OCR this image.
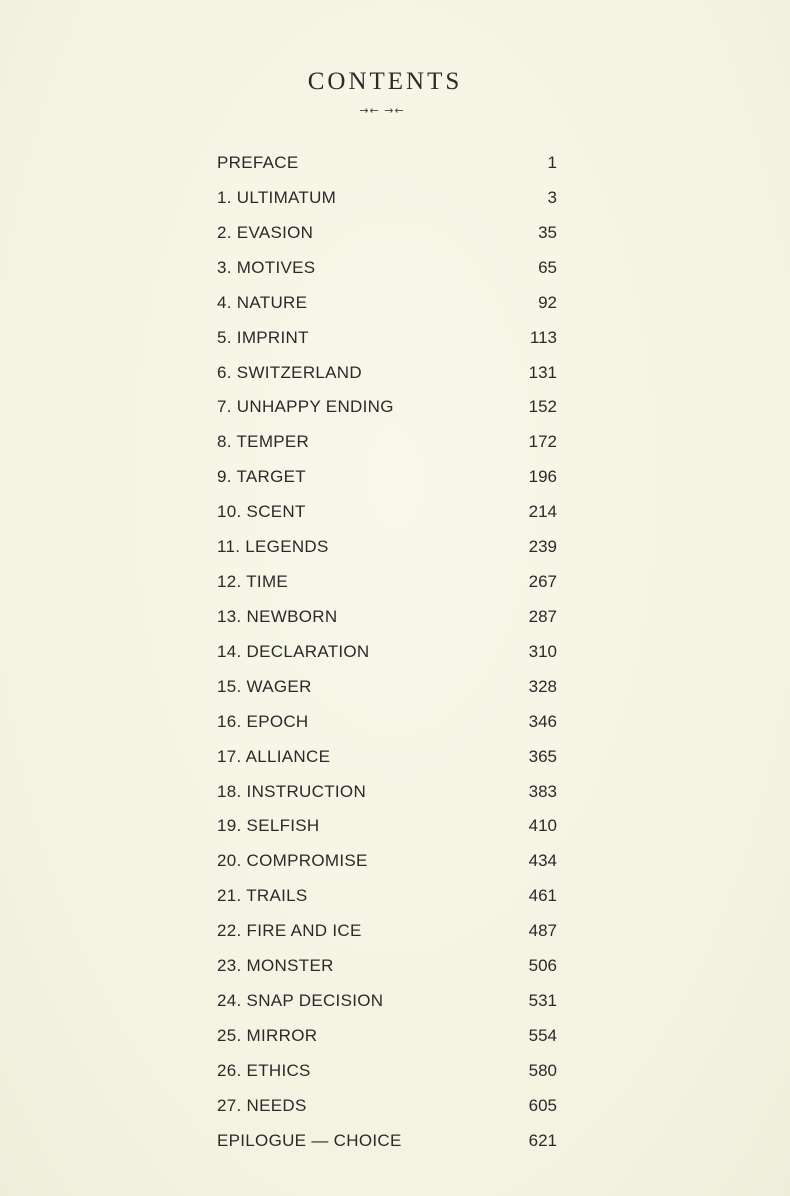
CONTENTS
→← →←
PREFACE	1
1. ULTIMATUM	3
2. EVASION	35
3. MOTIVES	65
4. NATURE	92
5. IMPRINT	113
6. SWITZERLAND	131
7. UNHAPPY ENDING	152
8. TEMPER	172
9. TARGET	196
10. SCENT	214
11. LEGENDS	239
12. TIME	267
13. NEWBORN	287
14. DECLARATION	310
15. WAGER	328
16. EPOCH	346
17. ALLIANCE	365
18. INSTRUCTION	383
19. SELFISH	410
20. COMPROMISE	434
21. TRAILS	461
22. FIRE AND ICE	487
23. MONSTER	506
24. SNAP DECISION	531
25. MIRROR	554
26. ETHICS	580
27. NEEDS	605
EPILOGUE — CHOICE	621
